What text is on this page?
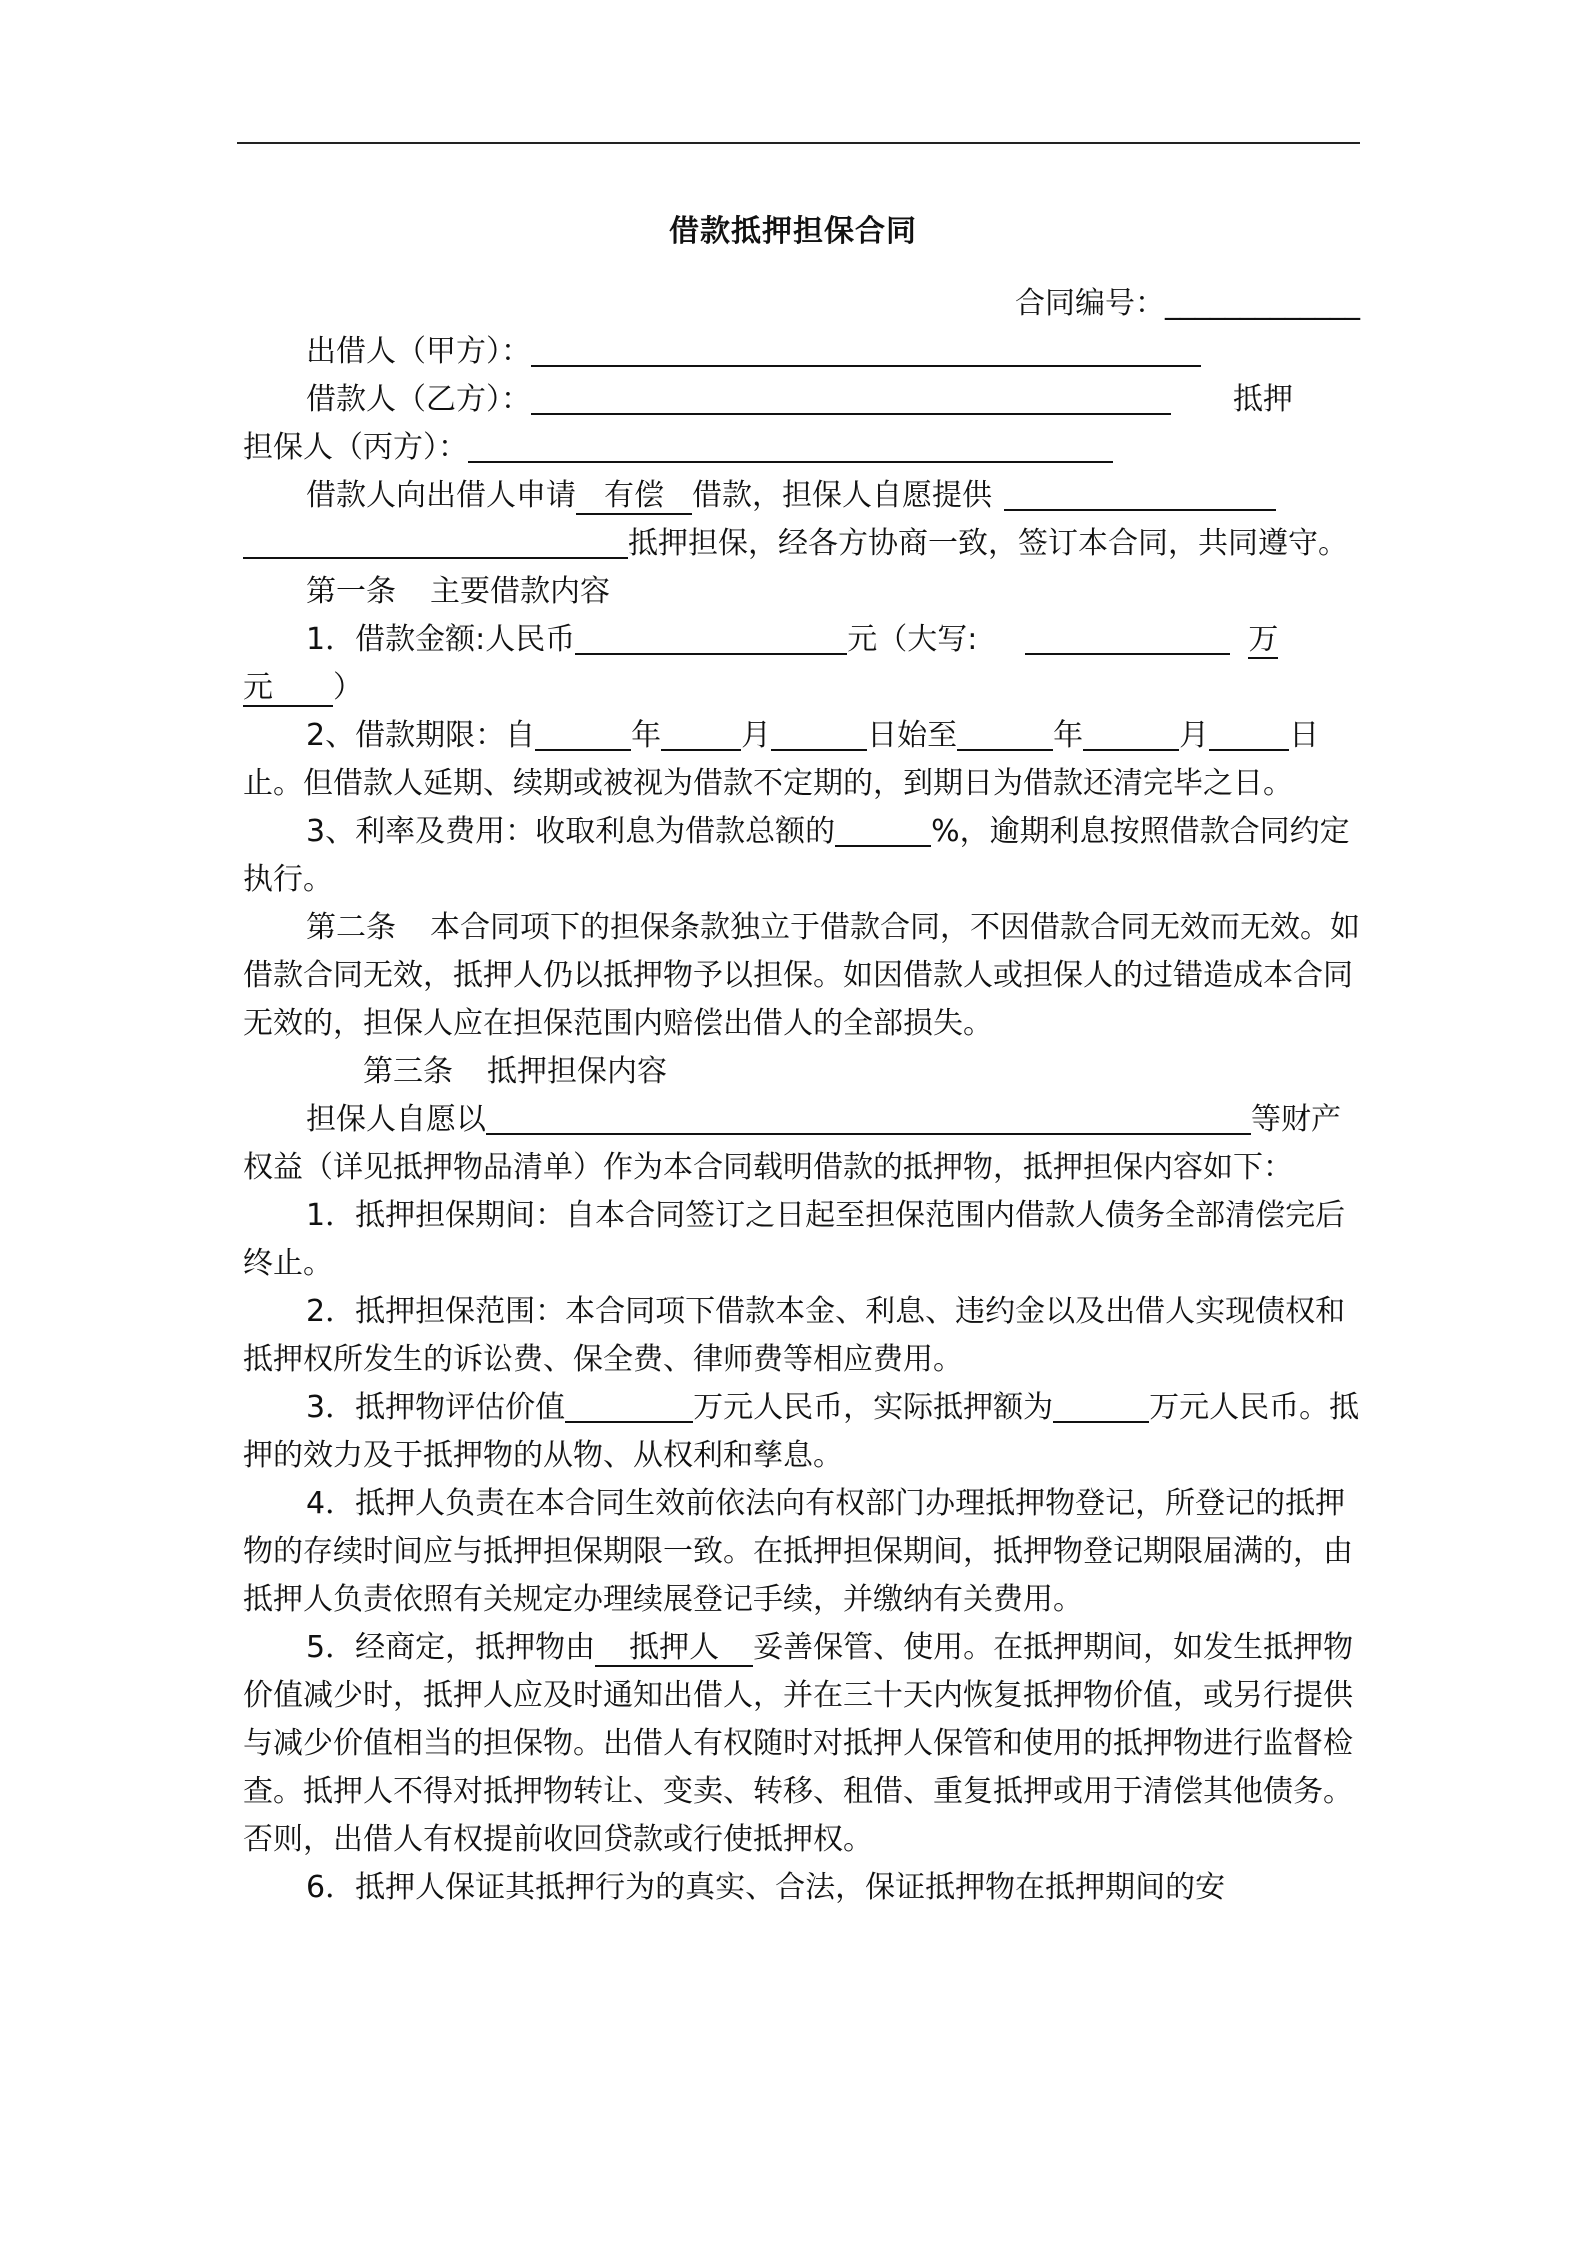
借款抵押担保合同

合同编号：_____________

出借人（甲方）：

借款人（乙方）：	抵押

担保人（丙方）：

借款人向出借人申请 有偿 借款，担保人自愿提供抵押担保，经各方协商一致，签订本合同，共同遵守。

第一条 主要借款内容

1．借款金额:人民币	元（大写:	万元 ）

2、借款期限：自	年	月	日始至	年	月	日止。但借款人延期、续期或被视为借款不定期的，到期日为借款还清完毕之日。

3、利率及费用：收取利息为借款总额的	%，逾期利息按照借款合同约定执行。

第二条 本合同项下的担保条款独立于借款合同，不因借款合同无效而无效。如借款合同无效，抵押人仍以抵押物予以担保。如因借款人或担保人的过错造成本合同无效的，担保人应在担保范围内赔偿出借人的全部损失。

第三条 抵押担保内容

担保人自愿以	等财产权益（详见抵押物品清单）作为本合同载明借款的抵押物，抵押担保内容如下：

1．抵押担保期间：自本合同签订之日起至担保范围内借款人债务全部清偿完后终止。

2．抵押担保范围：本合同项下借款本金、利息、违约金以及出借人实现债权和抵押权所发生的诉讼费、保全费、律师费等相应费用。

3．抵押物评估价值	万元人民币，实际抵押额为	万元人民币。抵押的效力及于抵押物的从物、从权利和孳息。

4．抵押人负责在本合同生效前依法向有权部门办理抵押物登记，所登记的抵押物的存续时间应与抵押担保期限一致。在抵押担保期间，抵押物登记期限届满的，由抵押人负责依照有关规定办理续展登记手续，并缴纳有关费用。

5．经商定，抵押物由 抵押人 妥善保管、使用。在抵押期间，如发生抵押物价值减少时，抵押人应及时通知出借人，并在三十天内恢复抵押物价值，或另行提供与减少价值相当的担保物。出借人有权随时对抵押人保管和使用的抵押物进行监督检查。抵押人不得对抵押物转让、变卖、转移、租借、重复抵押或用于清偿其他债务。否则，出借人有权提前收回贷款或行使抵押权。

6．抵押人保证其抵押行为的真实、合法，保证抵押物在抵押期间的安
